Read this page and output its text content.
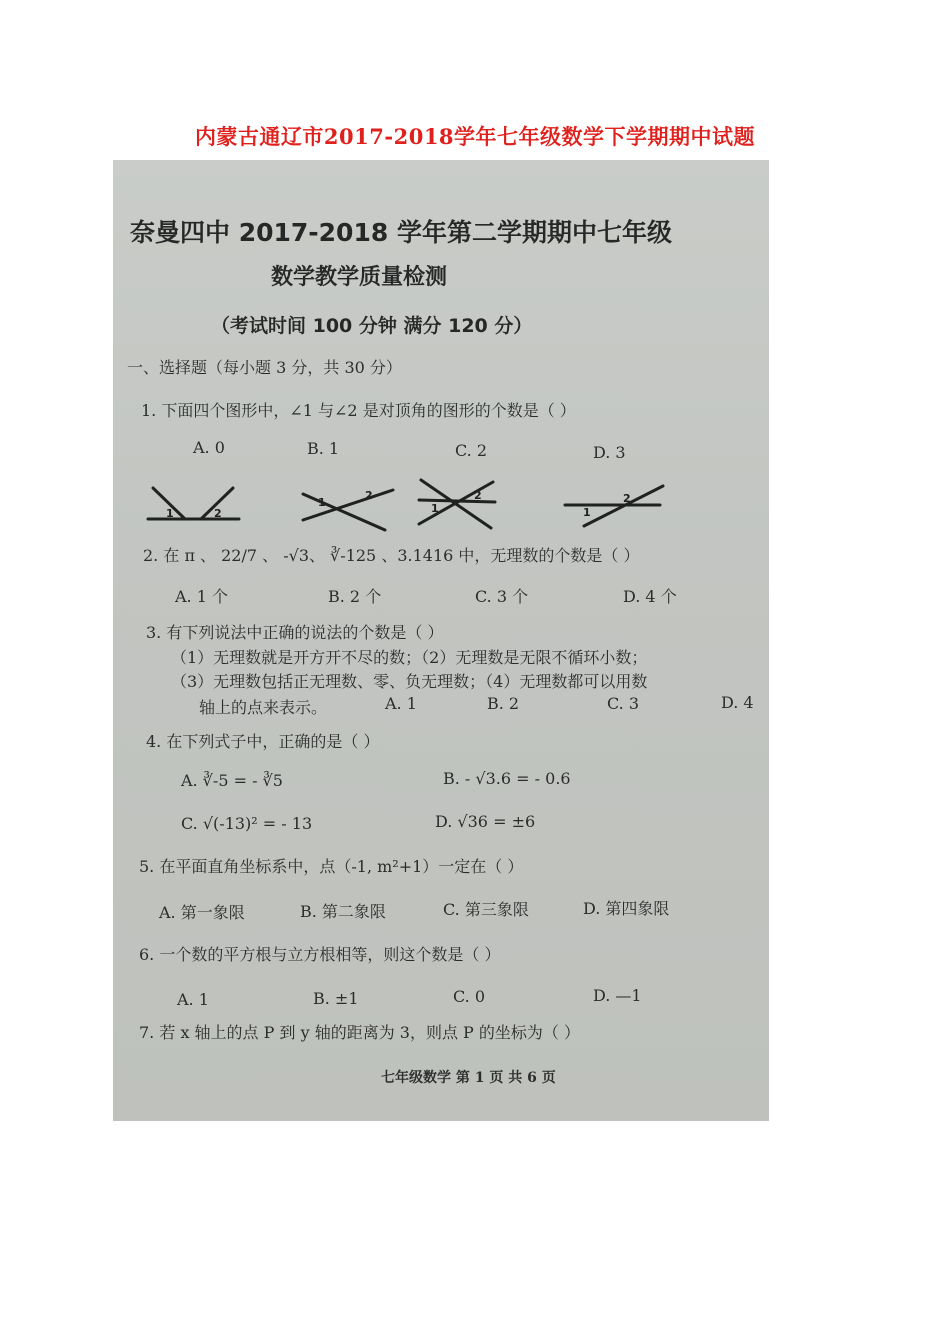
内蒙古通辽市2017-2018学年七年级数学下学期期中试题
奈曼四中 2017-2018 学年第二学期期中七年级
数学教学质量检测
（考试时间 100 分钟 满分 120 分）
一、选择题（每小题 3 分，共 30 分）
1. 下面四个图形中，∠1 与∠2 是对顶角的图形的个数是（ ）
A. 0	B. 1	C. 2	D. 3
1	2
1
2
1
2
1
2
2. 在 π 、 22/7 、 -√3、 ∛-125 、3.1416 中，无理数的个数是（ ）
A. 1 个	B. 2 个	C. 3 个	D. 4 个
3. 有下列说法中正确的说法的个数是（ ）
（1）无理数就是开方开不尽的数；（2）无理数是无限不循环小数；
（3）无理数包括正无理数、零、负无理数；（4）无理数都可以用数
轴上的点来表示。	A. 1	B. 2	C. 3	D. 4
4. 在下列式子中，正确的是（ ）
A. ∛-5 = - ∛5	B. - √3.6 = - 0.6
C. √(-13)² = - 13	D. √36 = ±6
5. 在平面直角坐标系中，点（-1, m²+1）一定在（ ）
A. 第一象限	B. 第二象限	C. 第三象限	D. 第四象限
6. 一个数的平方根与立方根相等，则这个数是（ ）
A. 1	B. ±1	C. 0	D. —1
7. 若 x 轴上的点 P 到 y 轴的距离为 3，则点 P 的坐标为（ ）
七年级数学 第 1 页 共 6 页
